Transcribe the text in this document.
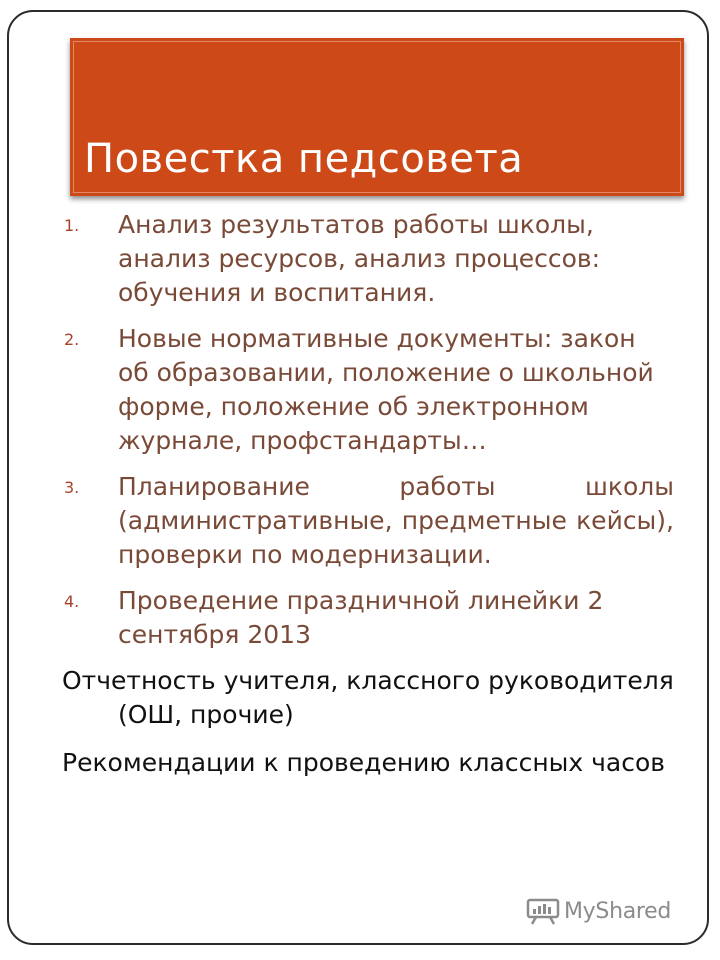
Повестка педсовета
1. Анализ результатов работы школы, анализ ресурсов, анализ процессов: обучения и воспитания.
2. Новые нормативные документы: закон об образовании, положение о школьной форме, положение об электронном журнале, профстандарты…
3. Планирование работы школы (административные, предметные кейсы), проверки по модернизации.
4. Проведение праздничной линейки 2 сентября 2013
Отчетность учителя, классного руководителя (ОШ, прочие)
Рекомендации к проведению классных часов
MyShared
